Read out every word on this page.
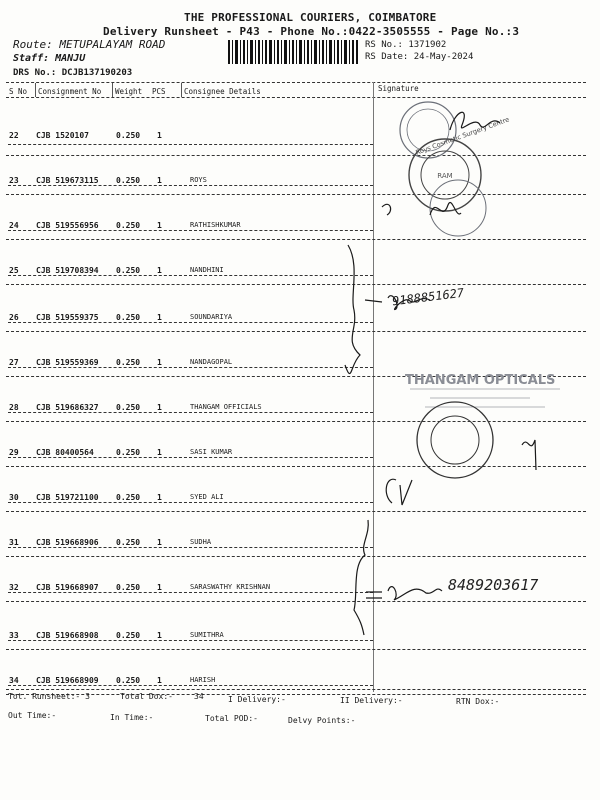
THE PROFESSIONAL COURIERS, COIMBATORE
Delivery Runsheet - P43 - Phone No.:0422-3505555 - Page No.:3
Route: METUPALAYAM ROAD
Staff: MANJU
DRS No.: DCJB137190203
RS No.: 1371902
RS Date: 24-May-2024
S No Consignment No Weight PCS Consignee Details	Signature
22 CJB 1520107	0.250 1
23 CJB 519673115 0.250 1	ROYS
24 CJB 519556956 0.250 1	RATHISHKUMAR
25 CJB 519708394 0.250 1	NANDHINI
26 CJB 519559375 0.250 1	SOUNDARIYA
27 CJB 519559369 0.250 1	NANDAGOPAL
28 CJB 519686327 0.250 1	THANGAM OFFICIALS
29 CJB 80400564	0.250 1	SASI KUMAR
30 CJB 519721100 0.250 1	SYED ALI
31 CJB 519668906 0.250 1	SUDHA
32 CJB 519668907 0.250 1	SARASWATHY KRISHNAN
33 CJB 519668908 0.250 1	SUMITHRA
34 CJB 519668909 0.250 1	HARISH
9188851627
8489203617
RAM
Roys Cosmetic Surgery Centre
THANGAM OPTICALS
Tot. Runsheet:- 3	Total Dox:-	34	I Delivery:-	II Delivery:-	RTN Dox:-
Out Time:-	In Time:-	Total POD:-	Delvy Points:-
